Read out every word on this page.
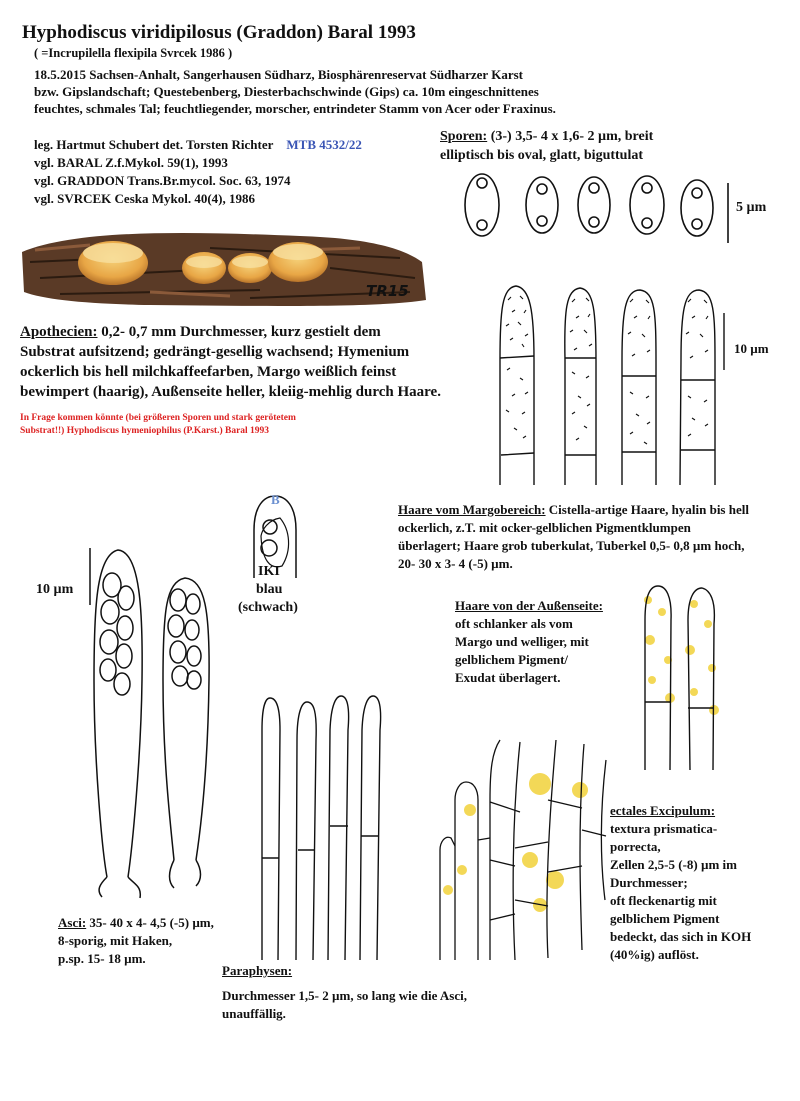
Hyphodiscus viridipilosus (Graddon) Baral 1993
( =Incrupilella flexipila Svrcek 1986 )
18.5.2015 Sachsen-Anhalt, Sangerhausen Südharz, Biosphärenreservat Südharzer Karst
bzw. Gipslandschaft; Questebenberg, Diesterbachschwinde (Gips) ca. 10m eingeschnittenes
feuchtes, schmales Tal; feuchtliegender, morscher, entrindeter Stamm von Acer oder Fraxinus.
leg. Hartmut Schubert det. Torsten Richter MTB 4532/22
vgl. BARAL Z.f.Mykol. 59(1), 1993
vgl. GRADDON Trans.Br.mycol. Soc. 63, 1974
vgl. SVRCEK Ceska Mykol. 40(4), 1986
Sporen: (3-) 3,5- 4 x 1,6- 2 µm, breit
elliptisch bis oval, glatt, biguttulat
5 µm
TR15
Apothecien: 0,2- 0,7 mm Durchmesser, kurz gestielt dem
Substrat aufsitzend; gedrängt-gesellig wachsend; Hymenium
ockerlich bis hell milchkaffeefarben, Margo weißlich feinst
bewimpert (haarig), Außenseite heller, kleiig-mehlig durch Haare.
In Frage kommen könnte (bei größeren Sporen und stark gerötetem
Substrat!!) Hyphodiscus hymeniophilus (P.Karst.) Baral 1993
10 µm
Haare vom Margobereich: Cistella-artige Haare, hyalin bis hell
ockerlich, z.T. mit ocker-gelblichen Pigmentklumpen
überlagert; Haare grob tuberkulat, Tuberkel 0,5- 0,8 µm hoch,
20- 30 x 3- 4 (-5) µm.
B
IKI
blau
(schwach)
10 µm
Haare von der Außenseite:
oft schlanker als vom
Margo und welliger, mit
gelblichem Pigment/
Exudat überlagert.
ectales Excipulum:
textura prismatica-
porrecta,
Zellen 2,5-5 (-8) µm im
Durchmesser;
oft fleckenartig mit
gelblichem Pigment
bedeckt, das sich in KOH
(40%ig) auflöst.
Asci: 35- 40 x 4- 4,5 (-5) µm,
8-sporig, mit Haken,
p.sp. 15- 18 µm.
Paraphysen:
Durchmesser 1,5- 2 µm, so lang wie die Asci,
unauffällig.
